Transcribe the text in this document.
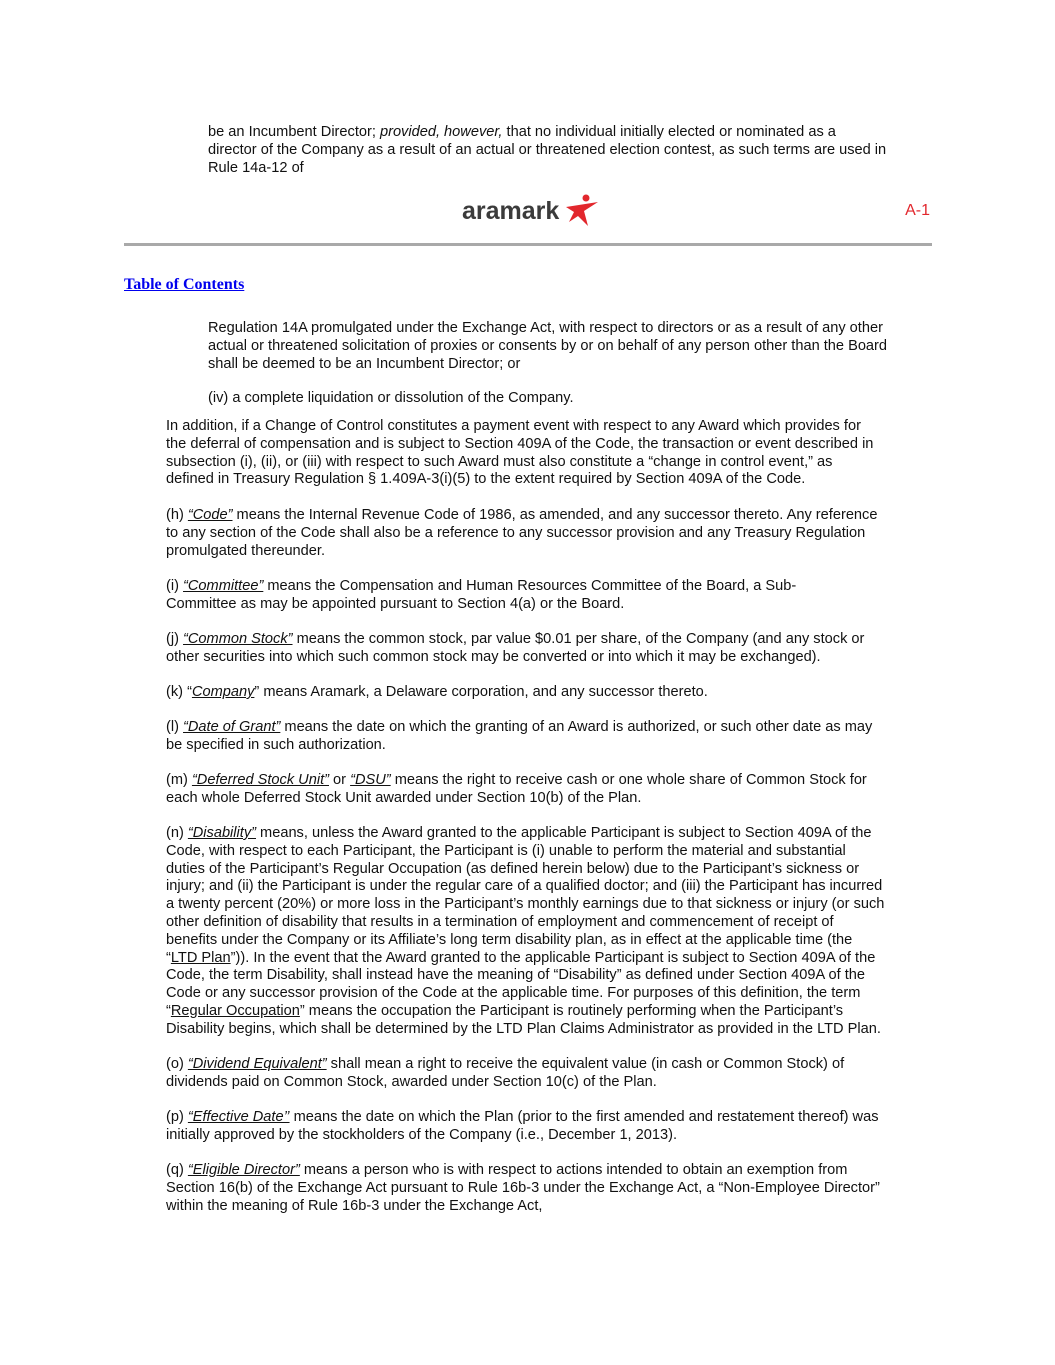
be an Incumbent Director; provided, however, that no individual initially elected or nominated as a

director of the Company as a result of an actual or threatened election contest, as such terms are used in

Rule 14a-12 of

aramark	A-1
Table of Contents

Regulation 14A promulgated under the Exchange Act, with respect to directors or as a result of any other

actual or threatened solicitation of proxies or consents by or on behalf of any person other than the Board

shall be deemed to be an Incumbent Director; or

(iv) a complete liquidation or dissolution of the Company.

In addition, if a Change of Control constitutes a payment event with respect to any Award which provides for

the deferral of compensation and is subject to Section 409A of the Code, the transaction or event described in

subsection (i), (ii), or (iii) with respect to such Award must also constitute a “change in control event,” as

defined in Treasury Regulation § 1.409A-3(i)(5) to the extent required by Section 409A of the Code.

(h) “Code” means the Internal Revenue Code of 1986, as amended, and any successor thereto. Any reference

to any section of the Code shall also be a reference to any successor provision and any Treasury Regulation

promulgated thereunder.

(i) “Committee” means the Compensation and Human Resources Committee of the Board, a Sub-

Committee as may be appointed pursuant to Section 4(a) or the Board.

(j) “Common Stock” means the common stock, par value $0.01 per share, of the Company (and any stock or

other securities into which such common stock may be converted or into which it may be exchanged).

(k) “Company” means Aramark, a Delaware corporation, and any successor thereto.

(l) “Date of Grant” means the date on which the granting of an Award is authorized, or such other date as may

be specified in such authorization.

(m) “Deferred Stock Unit” or “DSU” means the right to receive cash or one whole share of Common Stock for

each whole Deferred Stock Unit awarded under Section 10(b) of the Plan.

(n) “Disability” means, unless the Award granted to the applicable Participant is subject to Section 409A of the

Code, with respect to each Participant, the Participant is (i) unable to perform the material and substantial

duties of the Participant’s Regular Occupation (as defined herein below) due to the Participant’s sickness or

injury; and (ii) the Participant is under the regular care of a qualified doctor; and (iii) the Participant has incurred

a twenty percent (20%) or more loss in the Participant’s monthly earnings due to that sickness or injury (or such

other definition of disability that results in a termination of employment and commencement of receipt of

benefits under the Company or its Affiliate’s long term disability plan, as in effect at the applicable time (the

“LTD Plan”)). In the event that the Award granted to the applicable Participant is subject to Section 409A of the

Code, the term Disability, shall instead have the meaning of “Disability” as defined under Section 409A of the

Code or any successor provision of the Code at the applicable time. For purposes of this definition, the term

“Regular Occupation” means the occupation the Participant is routinely performing when the Participant’s

Disability begins, which shall be determined by the LTD Plan Claims Administrator as provided in the LTD Plan.

(o) “Dividend Equivalent” shall mean a right to receive the equivalent value (in cash or Common Stock) of

dividends paid on Common Stock, awarded under Section 10(c) of the Plan.

(p) “Effective Date’’ means the date on which the Plan (prior to the first amended and restatement thereof) was

initially approved by the stockholders of the Company (i.e., December 1, 2013).

(q) “Eligible Director” means a person who is with respect to actions intended to obtain an exemption from

Section 16(b) of the Exchange Act pursuant to Rule 16b-3 under the Exchange Act, a “Non-Employee Director”

within the meaning of Rule 16b-3 under the Exchange Act,
